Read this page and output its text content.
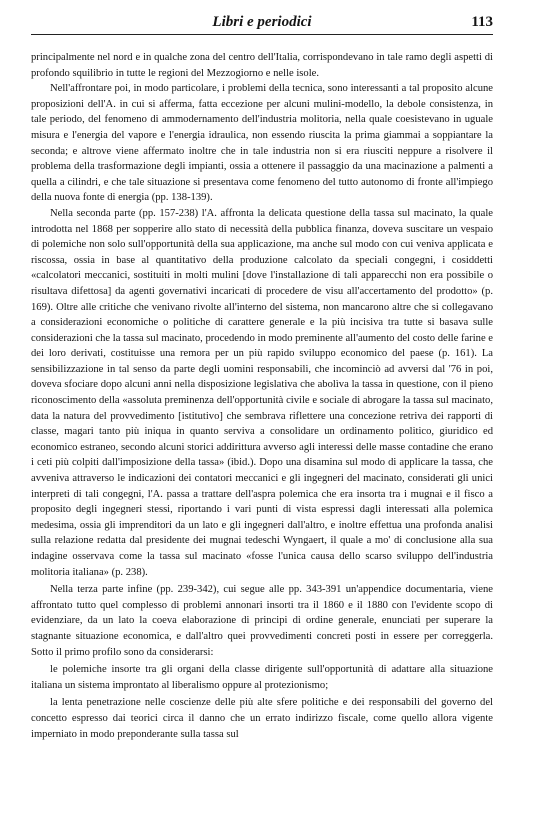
Libri e periodici	113

principalmente nel nord e in qualche zona del centro dell'Italia, corrispondevano in tale ramo degli aspetti di profondo squilibrio in tutte le regioni del Mezzogiorno e nelle isole.

Nell'affrontare poi, in modo particolare, i problemi della tecnica, sono interessanti a tal proposito alcune proposizioni dell'A. in cui si afferma, fatta eccezione per alcuni mulini-modello, la debole consistenza, in tale periodo, del fenomeno di ammodernamento dell'industria molitoria, nella quale coesistevano in uguale misura e l'energia del vapore e l'energia idraulica, non essendo riuscita la prima giammai a soppiantare la seconda; e altrove viene affermato inoltre che in tale industria non si era riusciti neppure a risolvere il problema della trasformazione degli impianti, ossia a ottenere il passaggio da una macinazione a palmenti a quella a cilindri, e che tale situazione si presentava come fenomeno del tutto autonomo di fronte all'impiego della nuova fonte di energia (pp. 138-139).

Nella seconda parte (pp. 157-238) l'A. affronta la delicata questione della tassa sul macinato, la quale introdotta nel 1868 per sopperire allo stato di necessità della pubblica finanza, doveva suscitare un vespaio di polemiche non solo sull'opportunità della sua applicazione, ma anche sul modo con cui veniva applicata e riscossa, ossia in base al quantitativo della produzione calcolato da speciali congegni, i cosiddetti «calcolatori meccanici, sostituiti in molti mulini [dove l'installazione di tali apparecchi non era possibile o risultava difettosa] da agenti governativi incaricati di procedere de visu all'accertamento del prodotto» (p. 169). Oltre alle critiche che venivano rivolte all'interno del sistema, non mancarono altre che si collegavano a considerazioni economiche o politiche di carattere generale e la più incisiva tra tutte si basava sulle considerazioni che la tassa sul macinato, procedendo in modo preminente all'aumento del costo delle farine e dei loro derivati, costituisse una remora per un più rapido sviluppo economico del paese (p. 161). La sensibilizzazione in tal senso da parte degli uomini responsabili, che incominciò ad avversi dal '76 in poi, doveva sfociare dopo alcuni anni nella disposizione legislativa che abolìva la tassa in questione, con il pieno riconoscimento della «assoluta preminenza dell'opportunità civile e sociale di abrogare la tassa sul macinato, data la natura del provvedimento [istitutivo] che sembrava riflettere una concezione retriva dei rapporti di classe, magari tanto più iniqua in quanto serviva a consolidare un ordinamento politico, giuridico ed economico estraneo, secondo alcuni storici addirittura avverso agli interessi delle masse contadine che erano i ceti più colpiti dall'imposizione della tassa» (ibid.). Dopo una disamina sul modo di applicare la tassa, che avveniva attraverso le indicazioni dei contatori meccanici e gli ingegneri del macinato, considerati gli unici interpreti di tali congegni, l'A. passa a trattare dell'aspra polemica che era insorta tra i mugnai e il fisco a proposito degli ingegneri stessi, riportando i vari punti di vista espressi dagli interessati alla polemica medesima, ossia gli imprenditori da un lato e gli ingegneri dall'altro, e inoltre effettua una profonda analisi sulla relazione redatta dal presidente dei mugnai tedeschi Wyngaert, il quale a mo' di conclusione alla sua indagine osservava come la tassa sul macinato «fosse l'unica causa dello scarso sviluppo dell'industria molitoria italiana» (p. 238).

Nella terza parte infine (pp. 239-342), cui segue alle pp. 343-391 un'appendice documentaria, viene affrontato tutto quel complesso di problemi annonari insorti tra il 1860 e il 1880 con l'evidente scopo di evidenziare, da un lato la coeva elaborazione di principi di ordine generale, enunciati per superare la stagnante situazione economica, e dall'altro quei provvedimenti concreti posti in essere per correggerla. Sotto il primo profilo sono da considerarsi:

le polemiche insorte tra gli organi della classe dirigente sull'opportunità di adattare alla situazione italiana un sistema improntato al liberalismo oppure al protezionismo;

la lenta penetrazione nelle coscienze delle più alte sfere politiche e dei responsabili del governo del concetto espresso dai teorici circa il danno che un errato indirizzo fiscale, come quello allora vigente imperniato in modo preponderante sulla tassa sul
